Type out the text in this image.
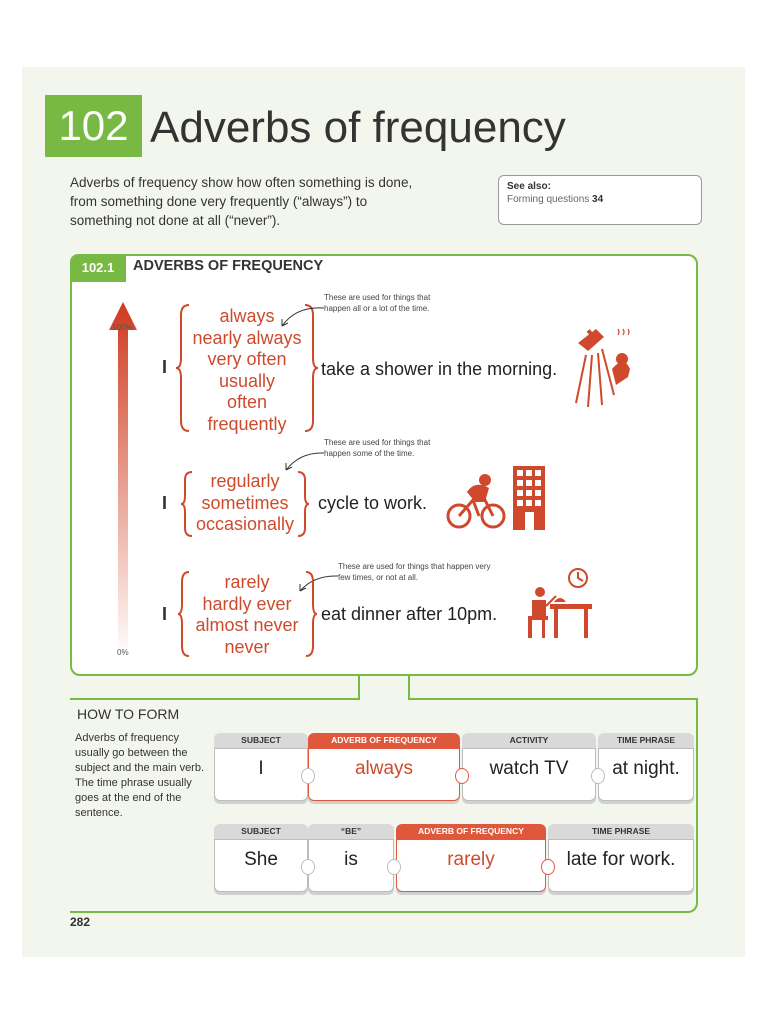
102 Adverbs of frequency
Adverbs of frequency show how often something is done, from something done very frequently (“always”) to something not done at all (“never”).
See also:
Forming questions 34
102.1	ADVERBS OF FREQUENCY
100%
0%
I
always
nearly always
very often
usually
often
frequently
take a shower in the morning.
These are used for things that happen all or a lot of the time.
These are used for things that happen some of the time.
I
regularly
sometimes
occasionally
cycle to work.
These are used for things that happen very few times, or not at all.
I
rarely
hardly ever
almost never
never
eat dinner after 10pm.
HOW TO FORM
Adverbs of frequency usually go between the subject and the main verb. The time phrase usually goes at the end of the sentence.
SUBJECT
I
ADVERB OF FREQUENCY
always
ACTIVITY
watch TV
TIME PHRASE
at night.
SUBJECT
She
“BE”
is
ADVERB OF FREQUENCY
rarely
TIME PHRASE
late for work.
282
